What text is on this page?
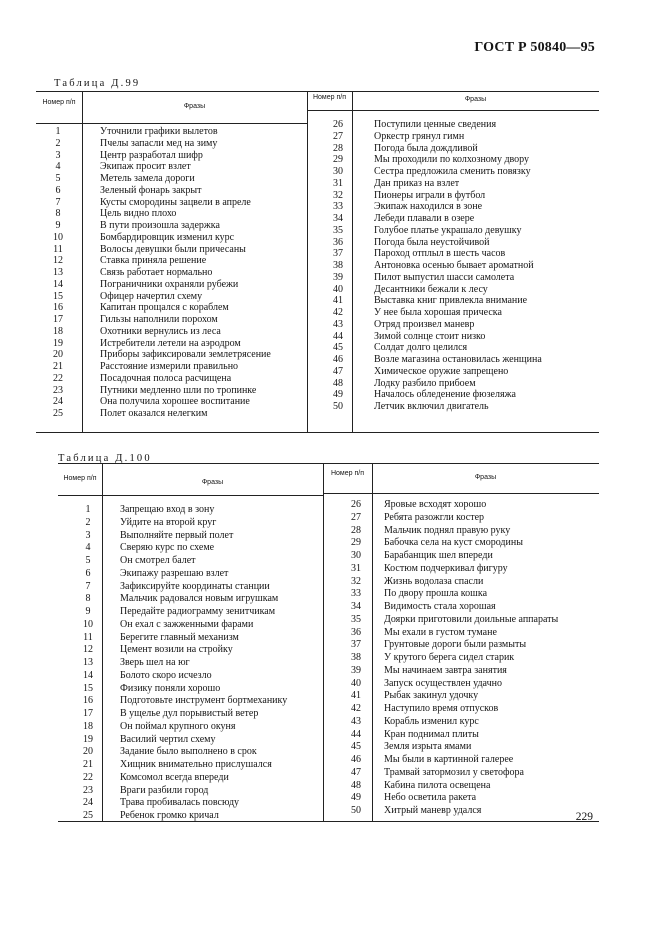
ГОСТ Р 50840—95
Таблица Д.99
Номер п/п
Фразы
Номер п/п	Фразы
1	Уточнили графики вылетов
2	Пчелы запасли мед на зиму
3	Центр разработал шифр
4	Экипаж просит взлет
5	Метель замела дороги
6	Зеленый фонарь закрыт
7	Кусты смородины зацвели в апреле
8	Цель видно плохо
9	В пути произошла задержка
10	Бомбардировщик изменил курс
11	Волосы девушки были причесаны
12	Ставка приняла решение
13	Связь работает нормально
14	Пограничники охраняли рубежи
15	Офицер начертил схему
16	Капитан прощался с кораблем
17	Гильзы наполнили порохом
18	Охотники вернулись из леса
19	Истребители летели на аэродром
20	Приборы зафиксировали землетрясение
21	Расстояние измерили правильно
22	Посадочная полоса расчищена
23	Путники медленно шли по тропинке
24	Она получила хорошее воспитание
25	Полет оказался нелегким
26	Поступили ценные сведения
27	Оркестр грянул гимн
28	Погода была дождливой
29	Мы проходили по колхозному двору
30	Сестра предложила сменить повязку
31	Дан приказ на взлет
32	Пионеры играли в футбол
33	Экипаж находился в зоне
34	Лебеди плавали в озере
35	Голубое платье украшало девушку
36	Погода была неустойчивой
37	Пароход отплыл в шесть часов
38	Антоновка осенью бывает ароматной
39	Пилот выпустил шасси самолета
40	Десантники бежали к лесу
41	Выставка книг привлекла внимание
42	У нее была хорошая прическа
43	Отряд произвел маневр
44	Зимой солнце стоит низко
45	Солдат долго целился
46	Возле магазина остановилась женщина
47	Химическое оружие запрещено
48	Лодку разбило прибоем
49	Началось обледенение фюзеляжа
50	Летчик включил двигатель
Таблица Д.100
Номер п/п
Фразы
Номер п/п
Фразы
1	Запрещаю вход в зону
2	Уйдите на второй круг
3	Выполняйте первый полет
4	Сверяю курс по схеме
5	Он смотрел балет
6	Экипажу разрешаю взлет
7	Зафиксируйте координаты станции
8	Мальчик радовался новым игрушкам
9	Передайте радиограмму зенитчикам
10	Он ехал с зажженными фарами
11	Берегите главный механизм
12	Цемент возили на стройку
13	Зверь шел на юг
14	Болото скоро исчезло
15	Физику поняли хорошо
16	Подготовьте инструмент бортмеханику
17	В ущелье дул порывистый ветер
18	Он поймал крупного окуня
19	Василий чертил схему
20	Задание было выполнено в срок
21	Хищник внимательно прислушался
22	Комсомол всегда впереди
23	Враги разбили город
24	Трава пробивалась повсюду
25	Ребенок громко кричал
26	Яровые всходят хорошо
27	Ребята разожгли костер
28	Мальчик поднял правую руку
29	Бабочка села на куст смородины
30	Барабанщик шел впереди
31	Костюм подчеркивал фигуру
32	Жизнь водолаза спасли
33	По двору прошла кошка
34	Видимость стала хорошая
35	Доярки приготовили доильные аппараты
36	Мы ехали в густом тумане
37	Грунтовые дороги были размыты
38	У крутого берега сидел старик
39	Мы начинаем завтра занятия
40	Запуск осуществлен удачно
41	Рыбак закинул удочку
42	Наступило время отпусков
43	Корабль изменил курс
44	Кран поднимал плиты
45	Земля изрыта ямами
46	Мы были в картинной галерее
47	Трамвай затормозил у светофора
48	Кабина пилота освещена
49	Небо осветила ракета
50	Хитрый маневр удался
229
